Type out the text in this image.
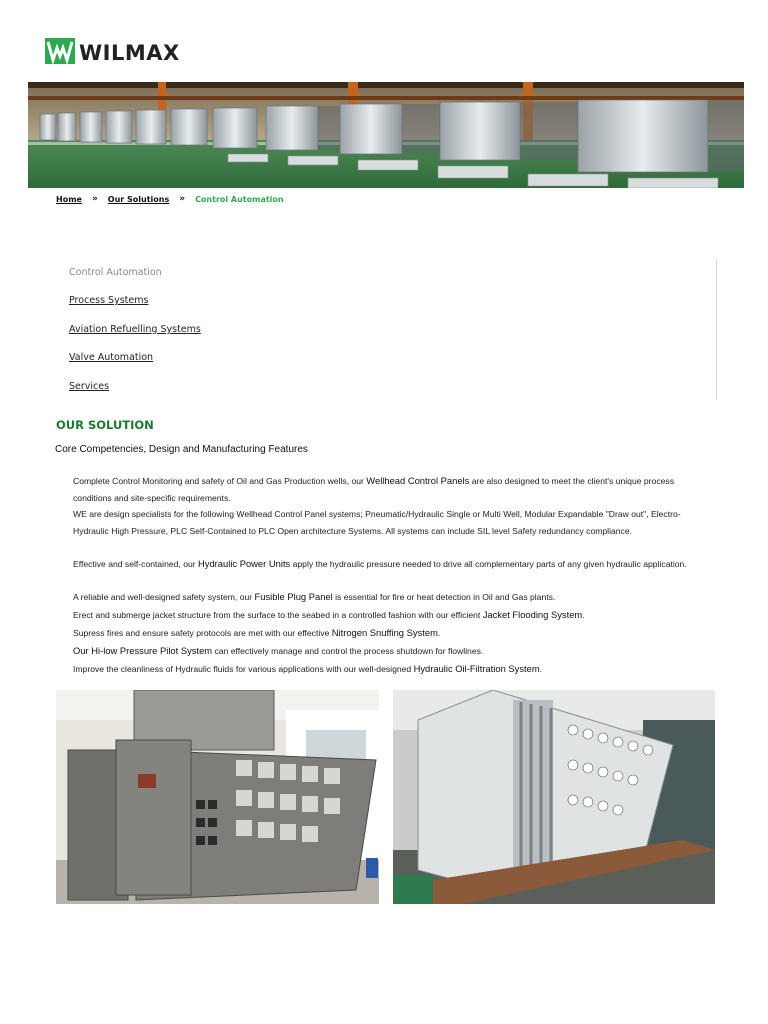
WILMAX
Home » Our Solutions » Control Automation
Control Automation
Process Systems
Aviation Refuelling Systems
Valve Automation
Services
OUR SOLUTION
Core Competencies, Design and Manufacturing Features
Complete Control Monitoring and safety of Oil and Gas Production wells, our Wellhead Control Panels are also designed to meet the client's unique process conditions and site-specific requirements.
WE are design specialists for the following Wellhead Control Panel systems; Pneumatic/Hydraulic Single or Multi Well, Modular Expandable "Draw out", Electro-Hydraulic High Pressure, PLC Self-Contained to PLC Open architecture Systems. All systems can include SIL level Safety redundancy compliance.
Effective and self-contained, our Hydraulic Power Units apply the hydraulic pressure needed to drive all complementary parts of any given hydraulic application.
A reliable and well-designed safety system, our Fusible Plug Panel is essential for fire or heat detection in Oil and Gas plants.
Erect and submerge jacket structure from the surface to the seabed in a controlled fashion with our efficient Jacket Flooding System.
Supress fires and ensure safety protocols are met with our effective Nitrogen Snuffing System.
Our Hi-low Pressure Pilot System can effectively manage and control the process shutdown for flowlines.
Improve the cleanliness of Hydraulic fluids for various applications with our well-designed Hydraulic Oil-Filtration System.
